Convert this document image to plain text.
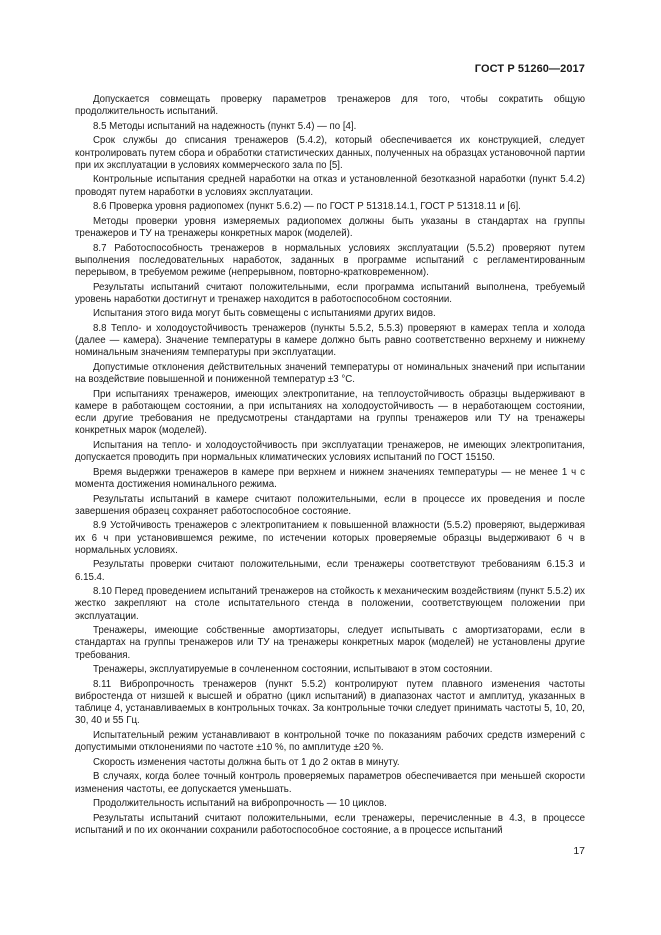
ГОСТ Р 51260—2017

Допускается совмещать проверку параметров тренажеров для того, чтобы сократить общую продолжительность испытаний.

8.5 Методы испытаний на надежность (пункт 5.4) — по [4].

Срок службы до списания тренажеров (5.4.2), который обеспечивается их конструкцией, следует контролировать путем сбора и обработки статистических данных, полученных на образцах установочной партии при их эксплуатации в условиях коммерческого зала по [5].

Контрольные испытания средней наработки на отказ и установленной безотказной наработки (пункт 5.4.2) проводят путем наработки в условиях эксплуатации.

8.6 Проверка уровня радиопомех (пункт 5.6.2) — по ГОСТ Р 51318.14.1, ГОСТ Р 51318.11 и [6].

Методы проверки уровня измеряемых радиопомех должны быть указаны в стандартах на группы тренажеров и ТУ на тренажеры конкретных марок (моделей).

8.7 Работоспособность тренажеров в нормальных условиях эксплуатации (5.5.2) проверяют путем выполнения последовательных наработок, заданных в программе испытаний с регламентированным перерывом, в требуемом режиме (непрерывном, повторно-кратковременном).

Результаты испытаний считают положительными, если программа испытаний выполнена, требуемый уровень наработки достигнут и тренажер находится в работоспособном состоянии.

Испытания этого вида могут быть совмещены с испытаниями других видов.

8.8 Тепло- и холодоустойчивость тренажеров (пункты 5.5.2, 5.5.3) проверяют в камерах тепла и холода (далее — камера). Значение температуры в камере должно быть равно соответственно верхнему и нижнему номинальным значениям температуры при эксплуатации.

Допустимые отклонения действительных значений температуры от номинальных значений при испытании на воздействие повышенной и пониженной температур ±3 °С.

При испытаниях тренажеров, имеющих электропитание, на теплоустойчивость образцы выдерживают в камере в работающем состоянии, а при испытаниях на холодоустойчивость — в неработающем состоянии, если другие требования не предусмотрены стандартами на группы тренажеров или ТУ на тренажеры конкретных марок (моделей).

Испытания на тепло- и холодоустойчивость при эксплуатации тренажеров, не имеющих электропитания, допускается проводить при нормальных климатических условиях испытаний по ГОСТ 15150.

Время выдержки тренажеров в камере при верхнем и нижнем значениях температуры — не менее 1 ч с момента достижения номинального режима.

Результаты испытаний в камере считают положительными, если в процессе их проведения и после завершения образец сохраняет работоспособное состояние.

8.9 Устойчивость тренажеров с электропитанием к повышенной влажности (5.5.2) проверяют, выдерживая их 6 ч при установившемся режиме, по истечении которых проверяемые образцы выдерживают 6 ч в нормальных условиях.

Результаты проверки считают положительными, если тренажеры соответствуют требованиям 6.15.3 и 6.15.4.

8.10 Перед проведением испытаний тренажеров на стойкость к механическим воздействиям (пункт 5.5.2) их жестко закрепляют на столе испытательного стенда в положении, соответствующем положении при эксплуатации.

Тренажеры, имеющие собственные амортизаторы, следует испытывать с амортизаторами, если в стандартах на группы тренажеров или ТУ на тренажеры конкретных марок (моделей) не установлены другие требования.

Тренажеры, эксплуатируемые в сочлененном состоянии, испытывают в этом состоянии.

8.11 Вибропрочность тренажеров (пункт 5.5.2) контролируют путем плавного изменения частоты вибростенда от низшей к высшей и обратно (цикл испытаний) в диапазонах частот и амплитуд, указанных в таблице 4, устанавливаемых в контрольных точках. За контрольные точки следует принимать частоты 5, 10, 20, 30, 40 и 55 Гц.

Испытательный режим устанавливают в контрольной точке по показаниям рабочих средств измерений с допустимыми отклонениями по частоте ±10 %, по амплитуде ±20 %.

Скорость изменения частоты должна быть от 1 до 2 октав в минуту.

В случаях, когда более точный контроль проверяемых параметров обеспечивается при меньшей скорости изменения частоты, ее допускается уменьшать.

Продолжительность испытаний на вибропрочность — 10 циклов.

Результаты испытаний считают положительными, если тренажеры, перечисленные в 4.3, в процессе испытаний и по их окончании сохранили работоспособное состояние, а в процессе испытаний

17
